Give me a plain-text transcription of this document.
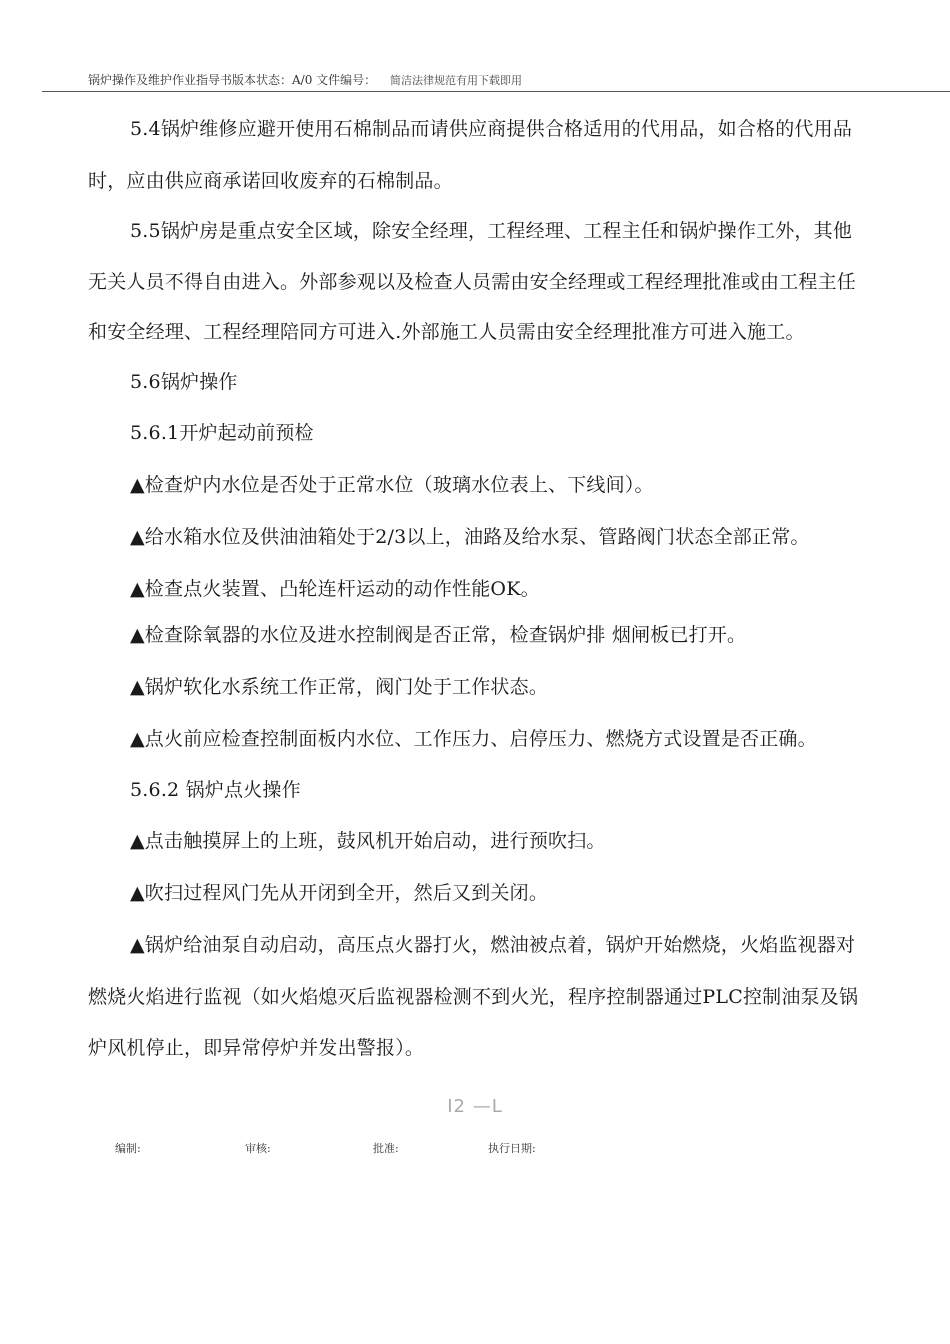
锅炉操作及维护作业指导书版本状态：A/0 文件编号： 简洁法律规范有用下载即用
5.4锅炉维修应避开使用石棉制品而请供应商提供合格适用的代用品，如合格的代用品
时，应由供应商承诺回收废弃的石棉制品。
5.5锅炉房是重点安全区域，除安全经理，工程经理、工程主任和锅炉操作工外，其他
无关人员不得自由进入。外部参观以及检查人员需由安全经理或工程经理批准或由工程主任
和安全经理、工程经理陪同方可进入.外部施工人员需由安全经理批准方可进入施工。
5.6锅炉操作
5.6.1开炉起动前预检
▲检查炉内水位是否处于正常水位（玻璃水位表上、下线间）。
▲给水箱水位及供油油箱处于2/3以上，油路及给水泵、管路阀门状态全部正常。
▲检查点火装置、凸轮连杆运动的动作性能OK。
▲检查除氧器的水位及进水控制阀是否正常，检查锅炉排 烟闸板已打开。
▲锅炉软化水系统工作正常，阀门处于工作状态。
▲点火前应检查控制面板内水位、工作压力、启停压力、燃烧方式设置是否正确。
5.6.2 锅炉点火操作
▲点击触摸屏上的上班，鼓风机开始启动，进行预吹扫。
▲吹扫过程风门先从开闭到全开，然后又到关闭。
▲锅炉给油泵自动启动，高压点火器打火，燃油被点着，锅炉开始燃烧，火焰监视器对
燃烧火焰进行监视（如火焰熄灭后监视器检测不到火光，程序控制器通过PLC控制油泵及锅
炉风机停止，即异常停炉并发出警报）。
I2 —L
编制:	审核:	批准:	执行日期:
